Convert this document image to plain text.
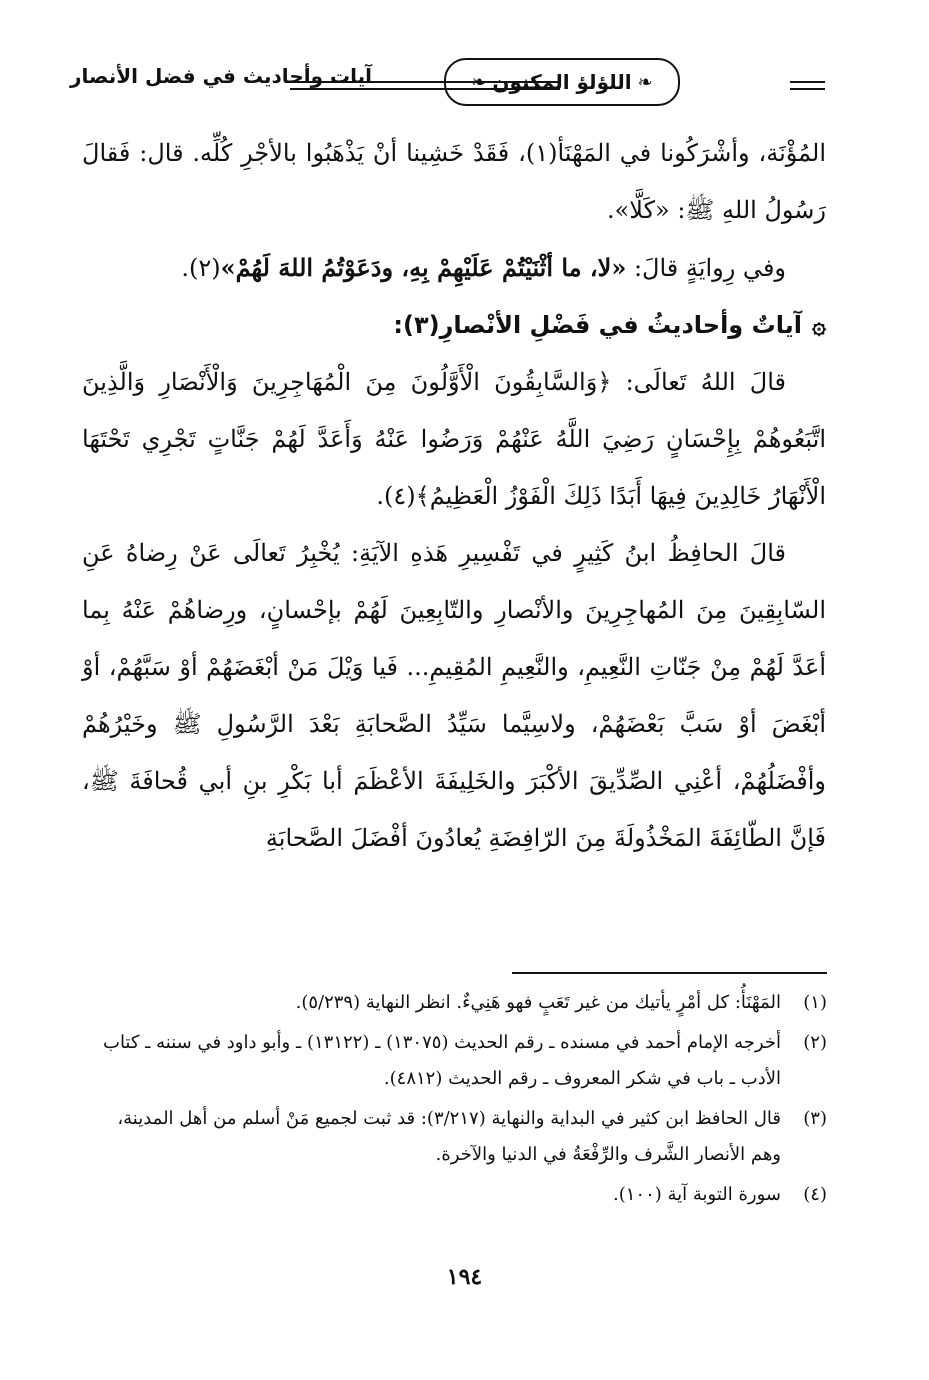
❧ اللؤلؤ المكنون
❧
آيات وأحاديث في فضل الأنصار

المُؤْنَة، وأشْرَكُونا في المَهْنَأ(١)، فَقَدْ خَشِينا أنْ يَذْهَبُوا بالأجْرِ كُلِّه. قال: فَقالَ رَسُولُ اللهِ ﷺ: «كَلَّا».

وفي رِوايَةٍ قالَ: «لا، ما أثْنَيْتُمْ عَلَيْهِمْ بِهِ، ودَعَوْتُمُ اللهَ لَهُمْ»(٢).

۞آياتٌ وأحاديثُ في فَضْلِ الأنْصارِ(٣):

قالَ اللهُ تَعالَى: ﴿وَالسَّابِقُونَ الْأَوَّلُونَ مِنَ الْمُهَاجِرِينَ وَالْأَنْصَارِ وَالَّذِينَ اتَّبَعُوهُمْ بِإِحْسَانٍ رَضِيَ اللَّهُ عَنْهُمْ وَرَضُوا عَنْهُ وَأَعَدَّ لَهُمْ جَنَّاتٍ تَجْرِي تَحْتَهَا الْأَنْهَارُ خَالِدِينَ فِيهَا أَبَدًا ذَلِكَ الْفَوْزُ الْعَظِيمُ﴾(٤).

قالَ الحافِظُ ابنُ كَثِيرٍ في تَفْسِيرِ هَذهِ الآيَةِ: يُخْبِرُ تَعالَى عَنْ رِضاهُ عَنِ السّابِقِينَ مِنَ المُهاجِرِينَ والأنْصارِ والتّابِعِينَ لَهُمْ بإحْسانٍ، ورِضاهُمْ عَنْهُ بِما أعَدَّ لَهُمْ مِنْ جَنّاتِ النَّعِيمِ، والنَّعِيمِ المُقِيمِ... فَيا وَيْلَ مَنْ أبْغَضَهُمْ أوْ سَبَّهُمْ، أوْ أبْغَضَ أوْ سَبَّ بَعْضَهُمْ، ولاسِيَّما سَيِّدُ الصَّحابَةِ بَعْدَ الرَّسُولِ ﷺ وخَيْرُهُمْ وأفْضَلُهُمْ، أعْنِي الصِّدِّيقَ الأكْبَرَ والخَلِيفَةَ الأعْظَمَ أبا بَكْرِ بنِ أبي قُحافَةَ ﷺ، فَإنَّ الطّائِفَةَ المَخْذُولَةَ مِنَ الرّافِضَةِ يُعادُونَ أفْضَلَ الصَّحابَةِ

(١)
المَهْنَأُ: كل أمْرٍ يأتيك من غير تَعَبٍ فهو هَنِيءٌ. انظر النهاية (٥/٢٣٩).
(٢)
أخرجه الإمام أحمد في مسنده ـ رقم الحديث (١٣٠٧٥) ـ (١٣١٢٢) ـ وأبو داود في سننه ـ كتاب الأدب ـ باب في شكر المعروف ـ رقم الحديث (٤٨١٢).
(٣)
قال الحافظ ابن كثير في البداية والنهاية (٣/٢١٧): قد ثبت لجميع مَنْ أسلم من أهل المدينة، وهم الأنصار الشَّرف والرِّفْعَةُ في الدنيا والآخرة.
(٤)
سورة التوبة آية (١٠٠).
١٩٤
